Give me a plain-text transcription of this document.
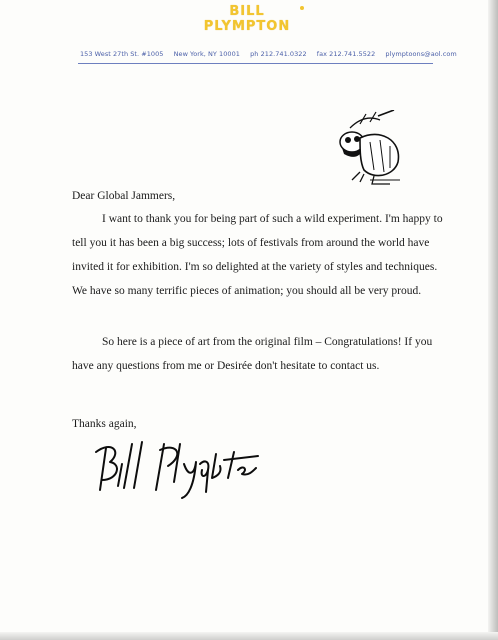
BILL PLYMPTON
153 West 27th St. #1005 New York, NY 10001 ph 212.741.0322 fax 212.741.5522 plymptoons@aol.com
Dear Global Jammers,

I want to thank you for being part of such a wild experiment. I'm happy to tell you it has been a big success; lots of festivals from around the world have invited it for exhibition. I'm so delighted at the variety of styles and techniques. We have so many terrific pieces of animation; you should all be very proud.

So here is a piece of art from the original film – Congratulations! If you have any questions from me or Desirée don't hesitate to contact us.

Thanks again,
